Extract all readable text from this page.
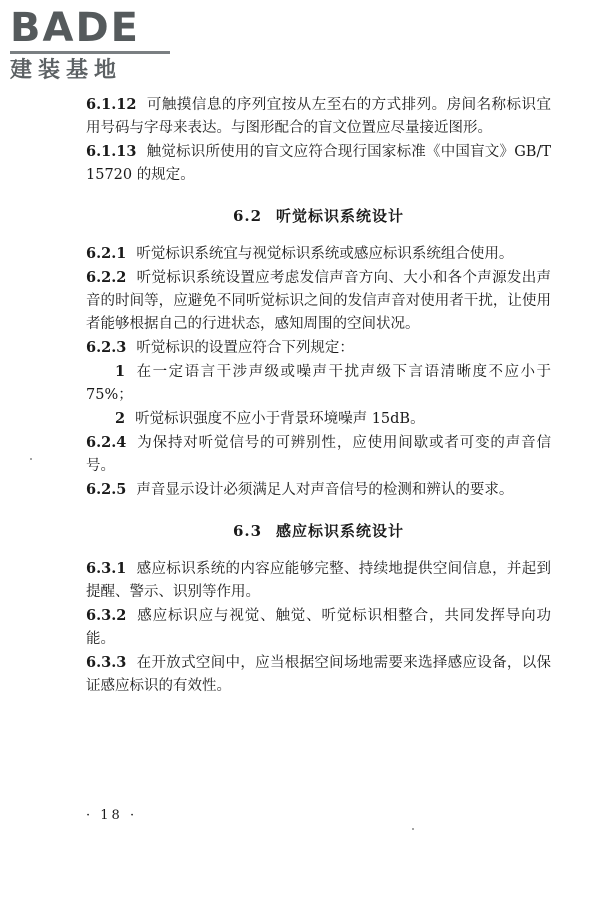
BADE
建装基地

6.1.12 可触摸信息的序列宜按从左至右的方式排列。房间名称标识宜用号码与字母来表达。与图形配合的盲文位置应尽量接近图形。

6.1.13 触觉标识所使用的盲文应符合现行国家标准《中国盲文》GB/T 15720 的规定。

6.2 听觉标识系统设计

6.2.1 听觉标识系统宜与视觉标识系统或感应标识系统组合使用。

6.2.2 听觉标识系统设置应考虑发信声音方向、大小和各个声源发出声音的时间等，应避免不同听觉标识之间的发信声音对使用者干扰，让使用者能够根据自己的行进状态，感知周围的空间状况。

6.2.3 听觉标识的设置应符合下列规定：

1 在一定语言干涉声级或噪声干扰声级下言语清晰度不应小于 75%；

2 听觉标识强度不应小于背景环境噪声 15dB。

6.2.4 为保持对听觉信号的可辨别性，应使用间歇或者可变的声音信号。

6.2.5 声音显示设计必须满足人对声音信号的检测和辨认的要求。

6.3 感应标识系统设计

6.3.1 感应标识系统的内容应能够完整、持续地提供空间信息，并起到提醒、警示、识别等作用。

6.3.2 感应标识应与视觉、触觉、听觉标识相整合，共同发挥导向功能。

6.3.3 在开放式空间中，应当根据空间场地需要来选择感应设备，以保证感应标识的有效性。

· 18 ·
